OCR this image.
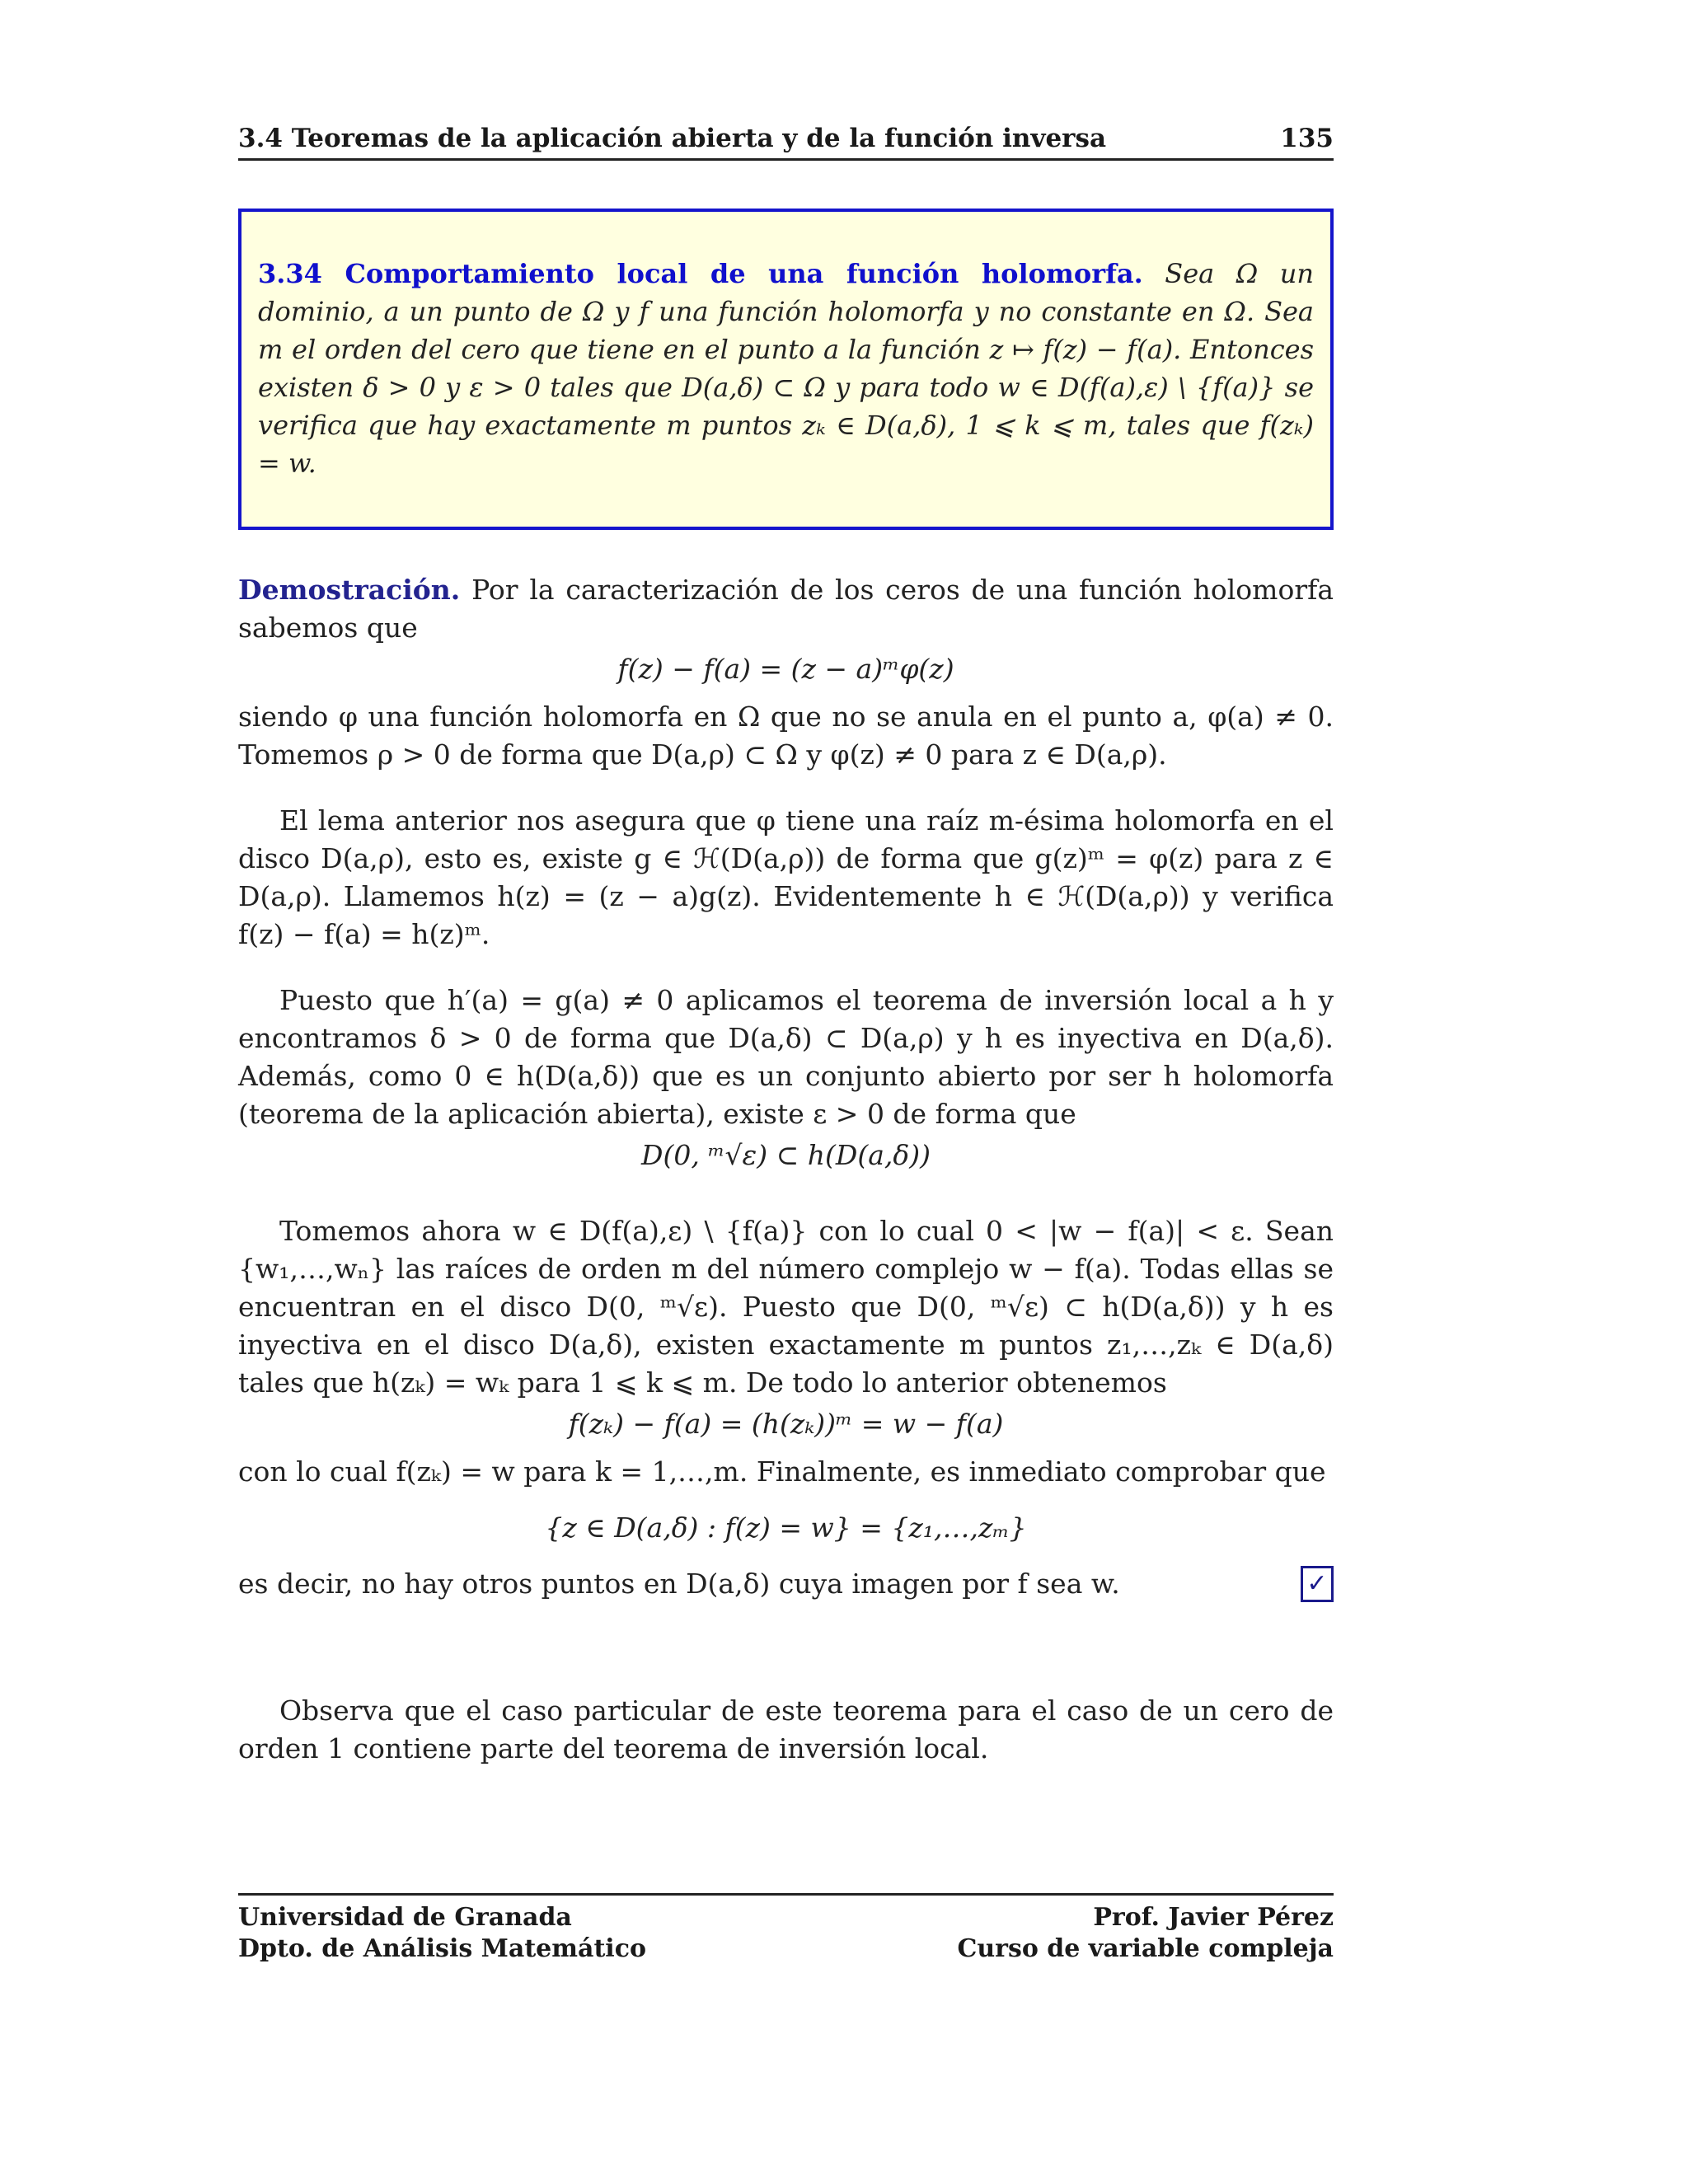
3.4 Teoremas de la aplicación abierta y de la función inversa	135
3.34 Comportamiento local de una función holomorfa. Sea Ω un dominio, a un punto de Ω y f una función holomorfa y no constante en Ω. Sea m el orden del cero que tiene en el punto a la función z ↦ f(z) − f(a). Entonces existen δ > 0 y ε > 0 tales que D(a,δ) ⊂ Ω y para todo w ∈ D(f(a),ε) \ {f(a)} se verifica que hay exactamente m puntos zₖ ∈ D(a,δ), 1 ⩽ k ⩽ m, tales que f(zₖ) = w.

Demostración. Por la caracterización de los ceros de una función holomorfa sabemos que

f(z) − f(a) = (z − a)ᵐφ(z)

siendo φ una función holomorfa en Ω que no se anula en el punto a, φ(a) ≠ 0. Tomemos ρ > 0 de forma que D(a,ρ) ⊂ Ω y φ(z) ≠ 0 para z ∈ D(a,ρ).

El lema anterior nos asegura que φ tiene una raíz m-ésima holomorfa en el disco D(a,ρ), esto es, existe g ∈ ℋ(D(a,ρ)) de forma que g(z)ᵐ = φ(z) para z ∈ D(a,ρ). Llamemos h(z) = (z − a)g(z). Evidentemente h ∈ ℋ(D(a,ρ)) y verifica f(z) − f(a) = h(z)ᵐ.

Puesto que h′(a) = g(a) ≠ 0 aplicamos el teorema de inversión local a h y encontramos δ > 0 de forma que D(a,δ) ⊂ D(a,ρ) y h es inyectiva en D(a,δ). Además, como 0 ∈ h(D(a,δ)) que es un conjunto abierto por ser h holomorfa (teorema de la aplicación abierta), existe ε > 0 de forma que

D(0, ᵐ√ε) ⊂ h(D(a,δ))

Tomemos ahora w ∈ D(f(a),ε) \ {f(a)} con lo cual 0 < |w − f(a)| < ε. Sean {w₁,…,wₙ} las raíces de orden m del número complejo w − f(a). Todas ellas se encuentran en el disco D(0, ᵐ√ε). Puesto que D(0, ᵐ√ε) ⊂ h(D(a,δ)) y h es inyectiva en el disco D(a,δ), existen exactamente m puntos z₁,…,zₖ ∈ D(a,δ) tales que h(zₖ) = wₖ para 1 ⩽ k ⩽ m. De todo lo anterior obtenemos

f(zₖ) − f(a) = (h(zₖ))ᵐ = w − f(a)

con lo cual f(zₖ) = w para k = 1,…,m. Finalmente, es inmediato comprobar que

{z ∈ D(a,δ) : f(z) = w} = {z₁,…,zₘ}

es decir, no hay otros puntos en D(a,δ) cuya imagen por f sea w.	✓

Observa que el caso particular de este teorema para el caso de un cero de orden 1 contiene parte del teorema de inversión local.

Universidad de Granada	Prof. Javier Pérez
Dpto. de Análisis Matemático	Curso de variable compleja
